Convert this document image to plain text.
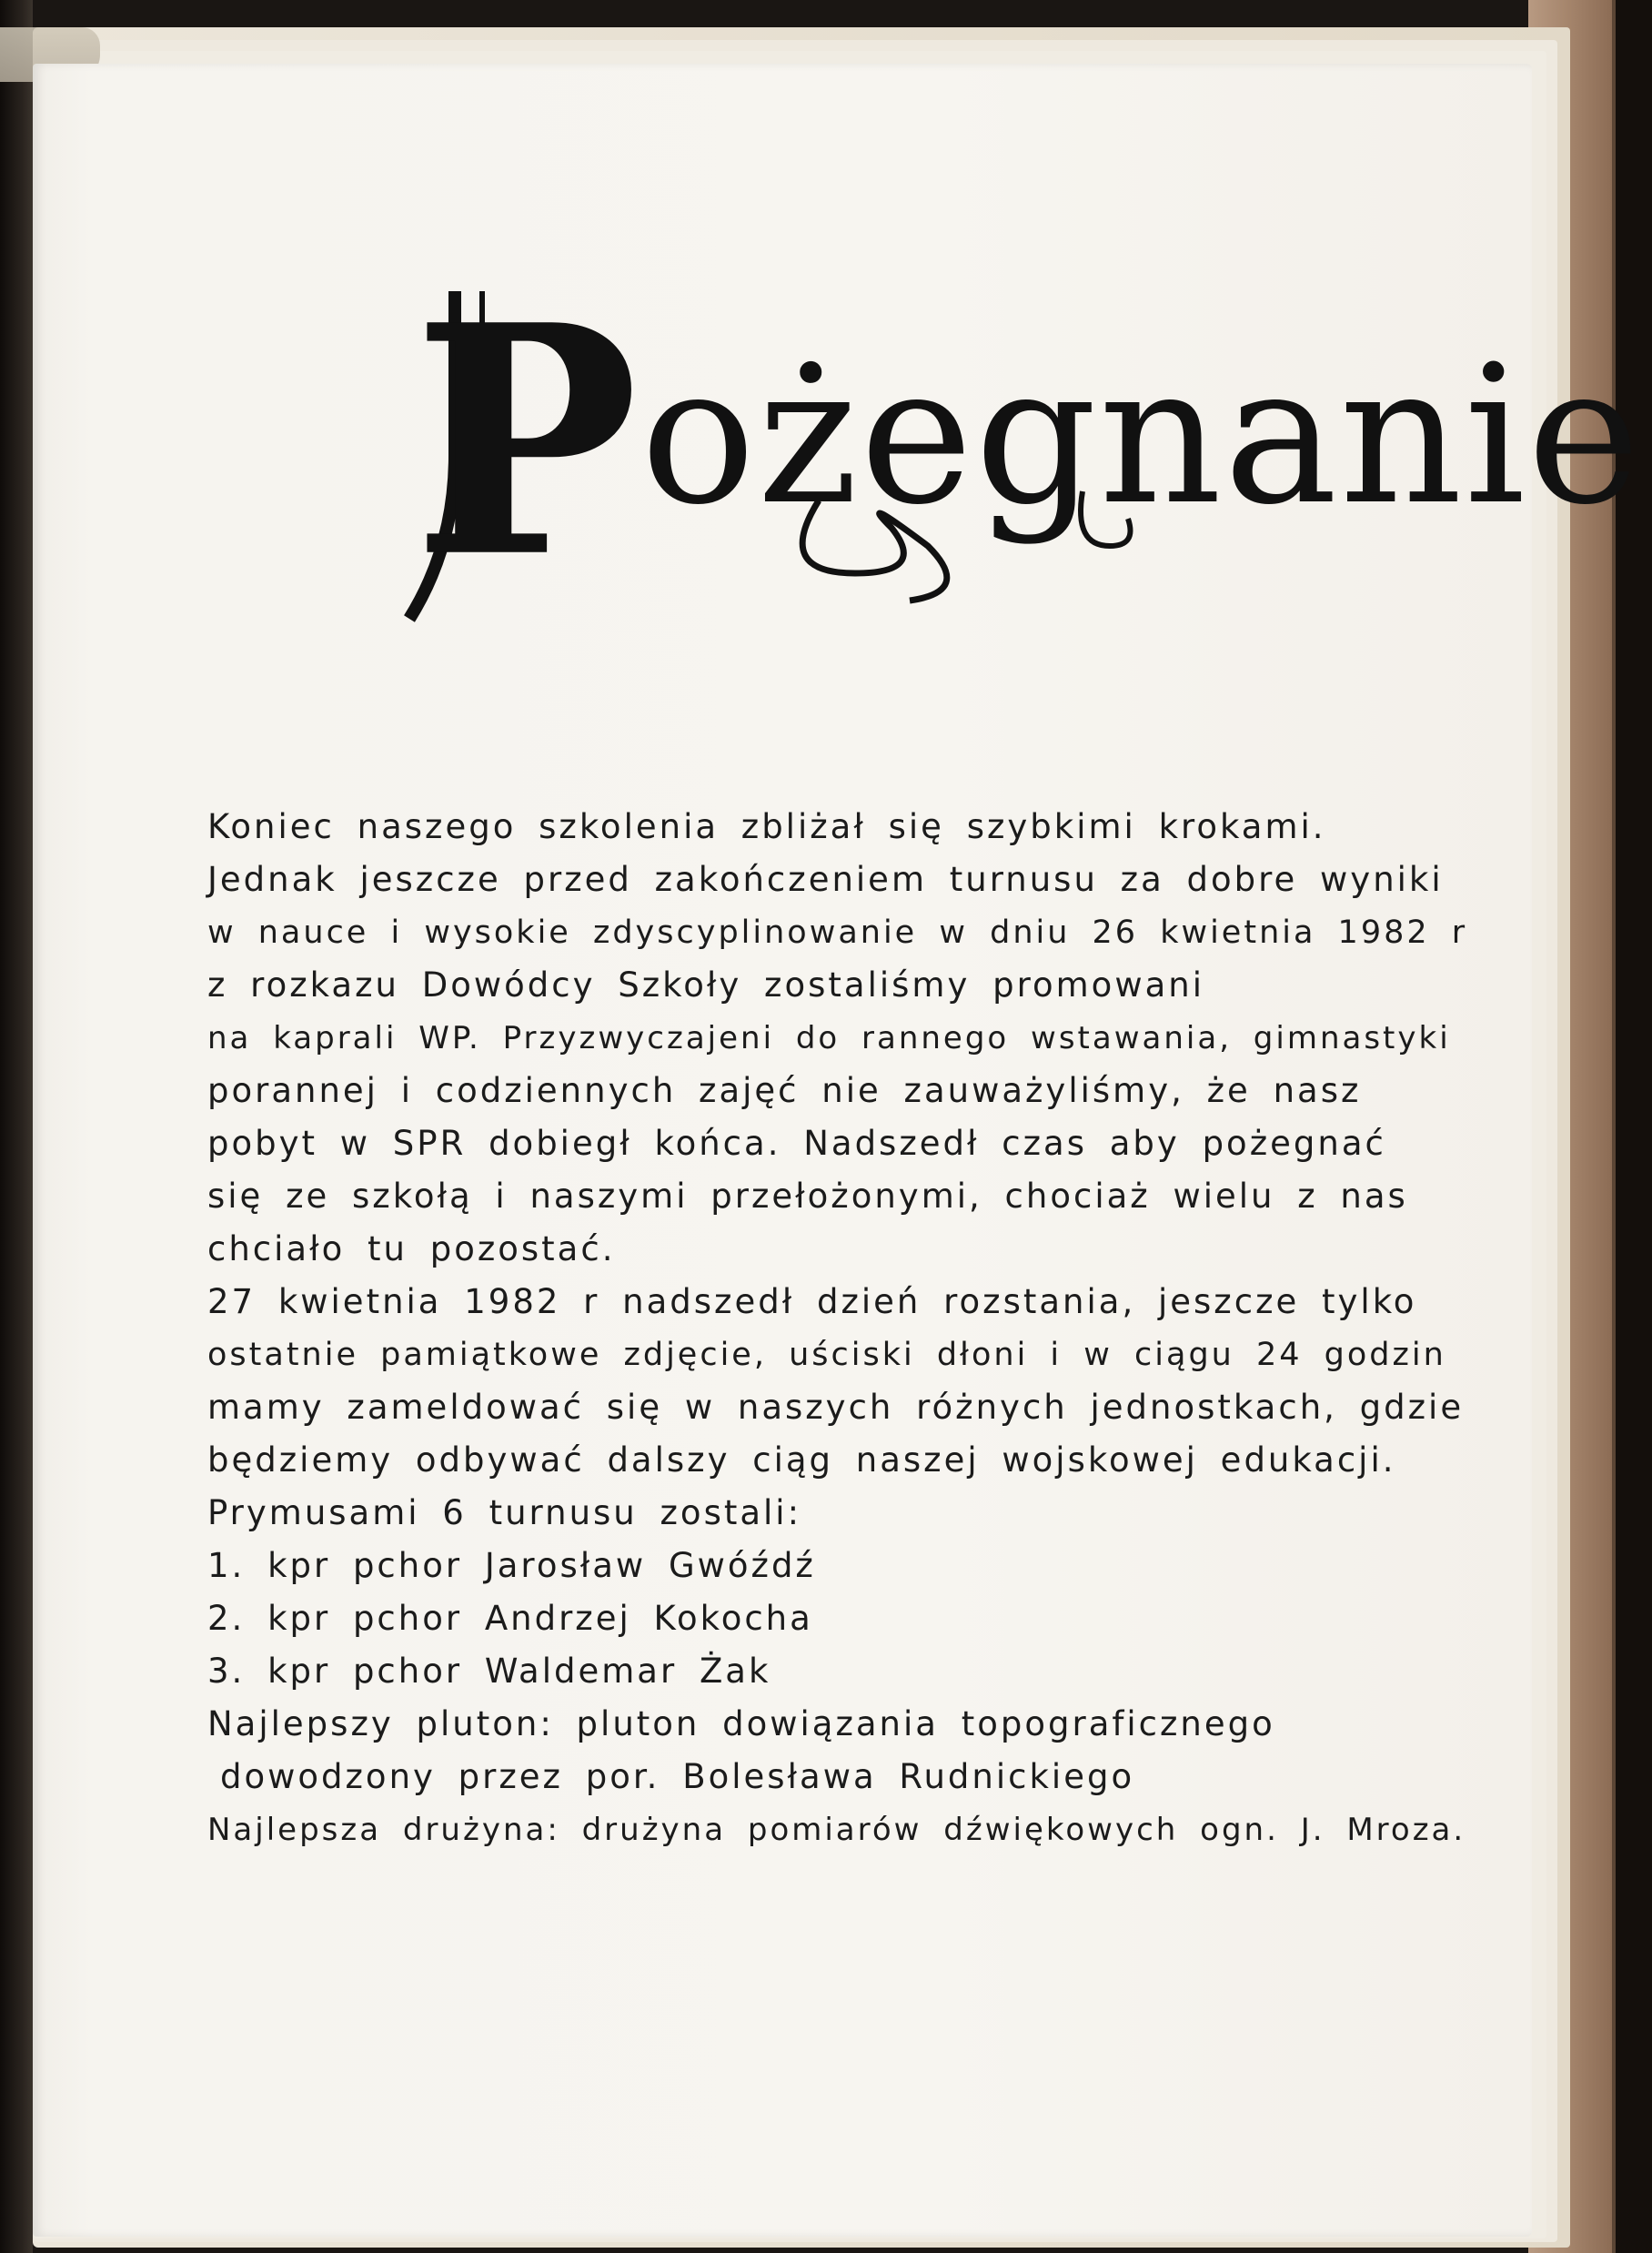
Pożegnanie
Koniec naszego szkolenia zbliżał się szybkimi krokami.
Jednak jeszcze przed zakończeniem turnusu za dobre wyniki
w nauce i wysokie zdyscyplinowanie w dniu 26 kwietnia 1982 r
z rozkazu Dowódcy Szkoły zostaliśmy promowani
na kaprali WP. Przyzwyczajeni do rannego wstawania, gimnastyki
porannej i codziennych zajęć nie zauważyliśmy, że nasz
pobyt w SPR dobiegł końca. Nadszedł czas aby pożegnać
się ze szkołą i naszymi przełożonymi, chociaż wielu z nas
chciało tu pozostać.
27 kwietnia 1982 r nadszedł dzień rozstania, jeszcze tylko
ostatnie pamiątkowe zdjęcie, uściski dłoni i w ciągu 24 godzin
mamy zameldować się w naszych różnych jednostkach, gdzie
będziemy odbywać dalszy ciąg naszej wojskowej edukacji.
Prymusami 6 turnusu zostali:
1. kpr pchor Jarosław Gwóźdź
2. kpr pchor Andrzej Kokocha
3. kpr pchor Waldemar Żak
Najlepszy pluton: pluton dowiązania topograficznego
dowodzony przez por. Bolesława Rudnickiego
Najlepsza drużyna: drużyna pomiarów dźwiękowych ogn. J. Mroza.
